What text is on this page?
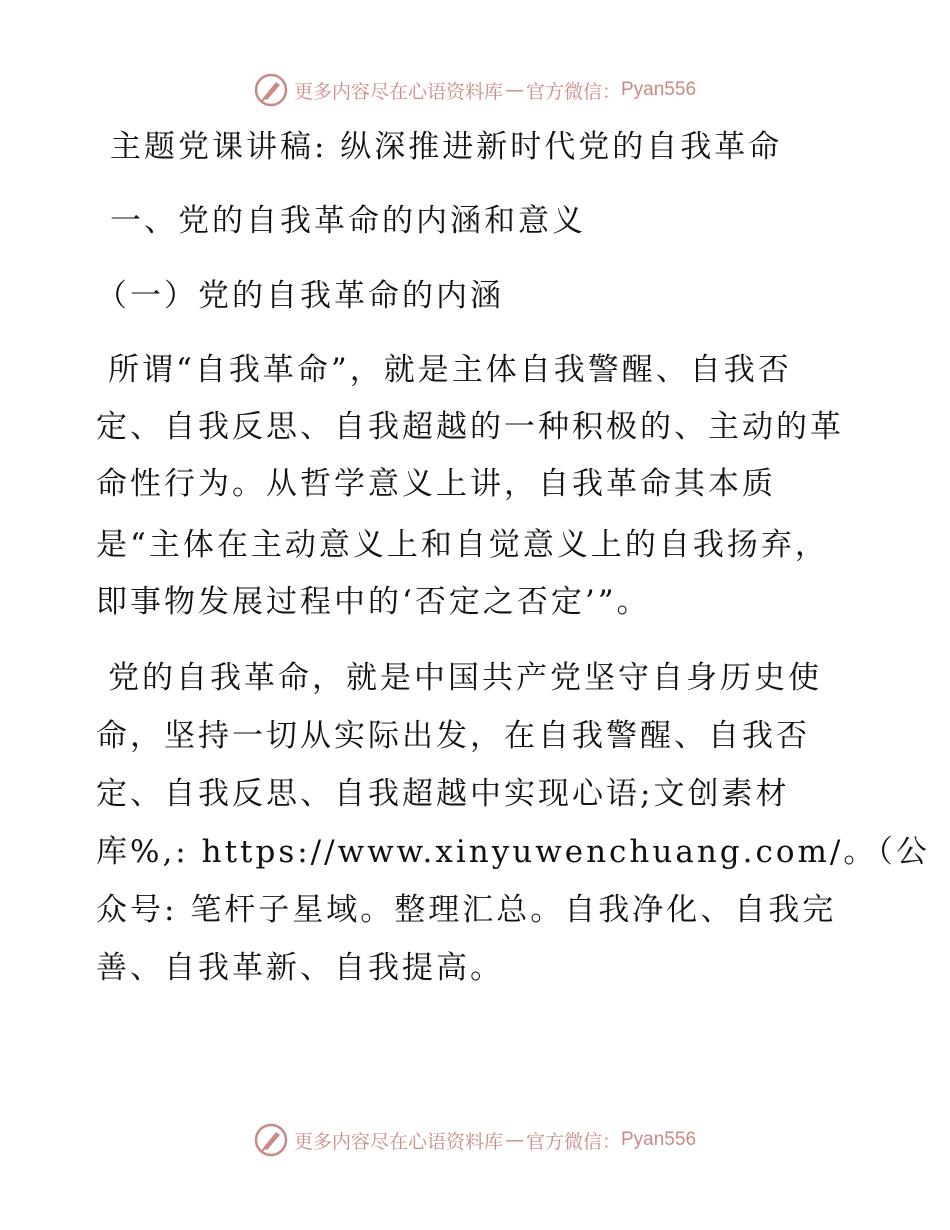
更多内容尽在心语资料库 — 官方微信： Pyan556
主题党课讲稿: 纵深推进新时代党的自我革命
一、党的自我革命的内涵和意义
（一）党的自我革命的内涵
所谓“自我革命”，就是主体自我警醒、自我否
定、自我反思、自我超越的一种积极的、主动的革
命性行为。从哲学意义上讲，自我革命其本质
是“主体在主动意义上和自觉意义上的自我扬弃，
即事物发展过程中的‘否定之否定’”。
党的自我革命，就是中国共产党坚守自身历史使
命，坚持一切从实际出发，在自我警醒、自我否
定、自我反思、自我超越中实现心语;文创素材
库%,: https://www.xinyuwenchuang.com/。（公
众号: 笔杆子星域。整理汇总。自我净化、自我完
善、自我革新、自我提高。
更多内容尽在心语资料库 — 官方微信： Pyan556
